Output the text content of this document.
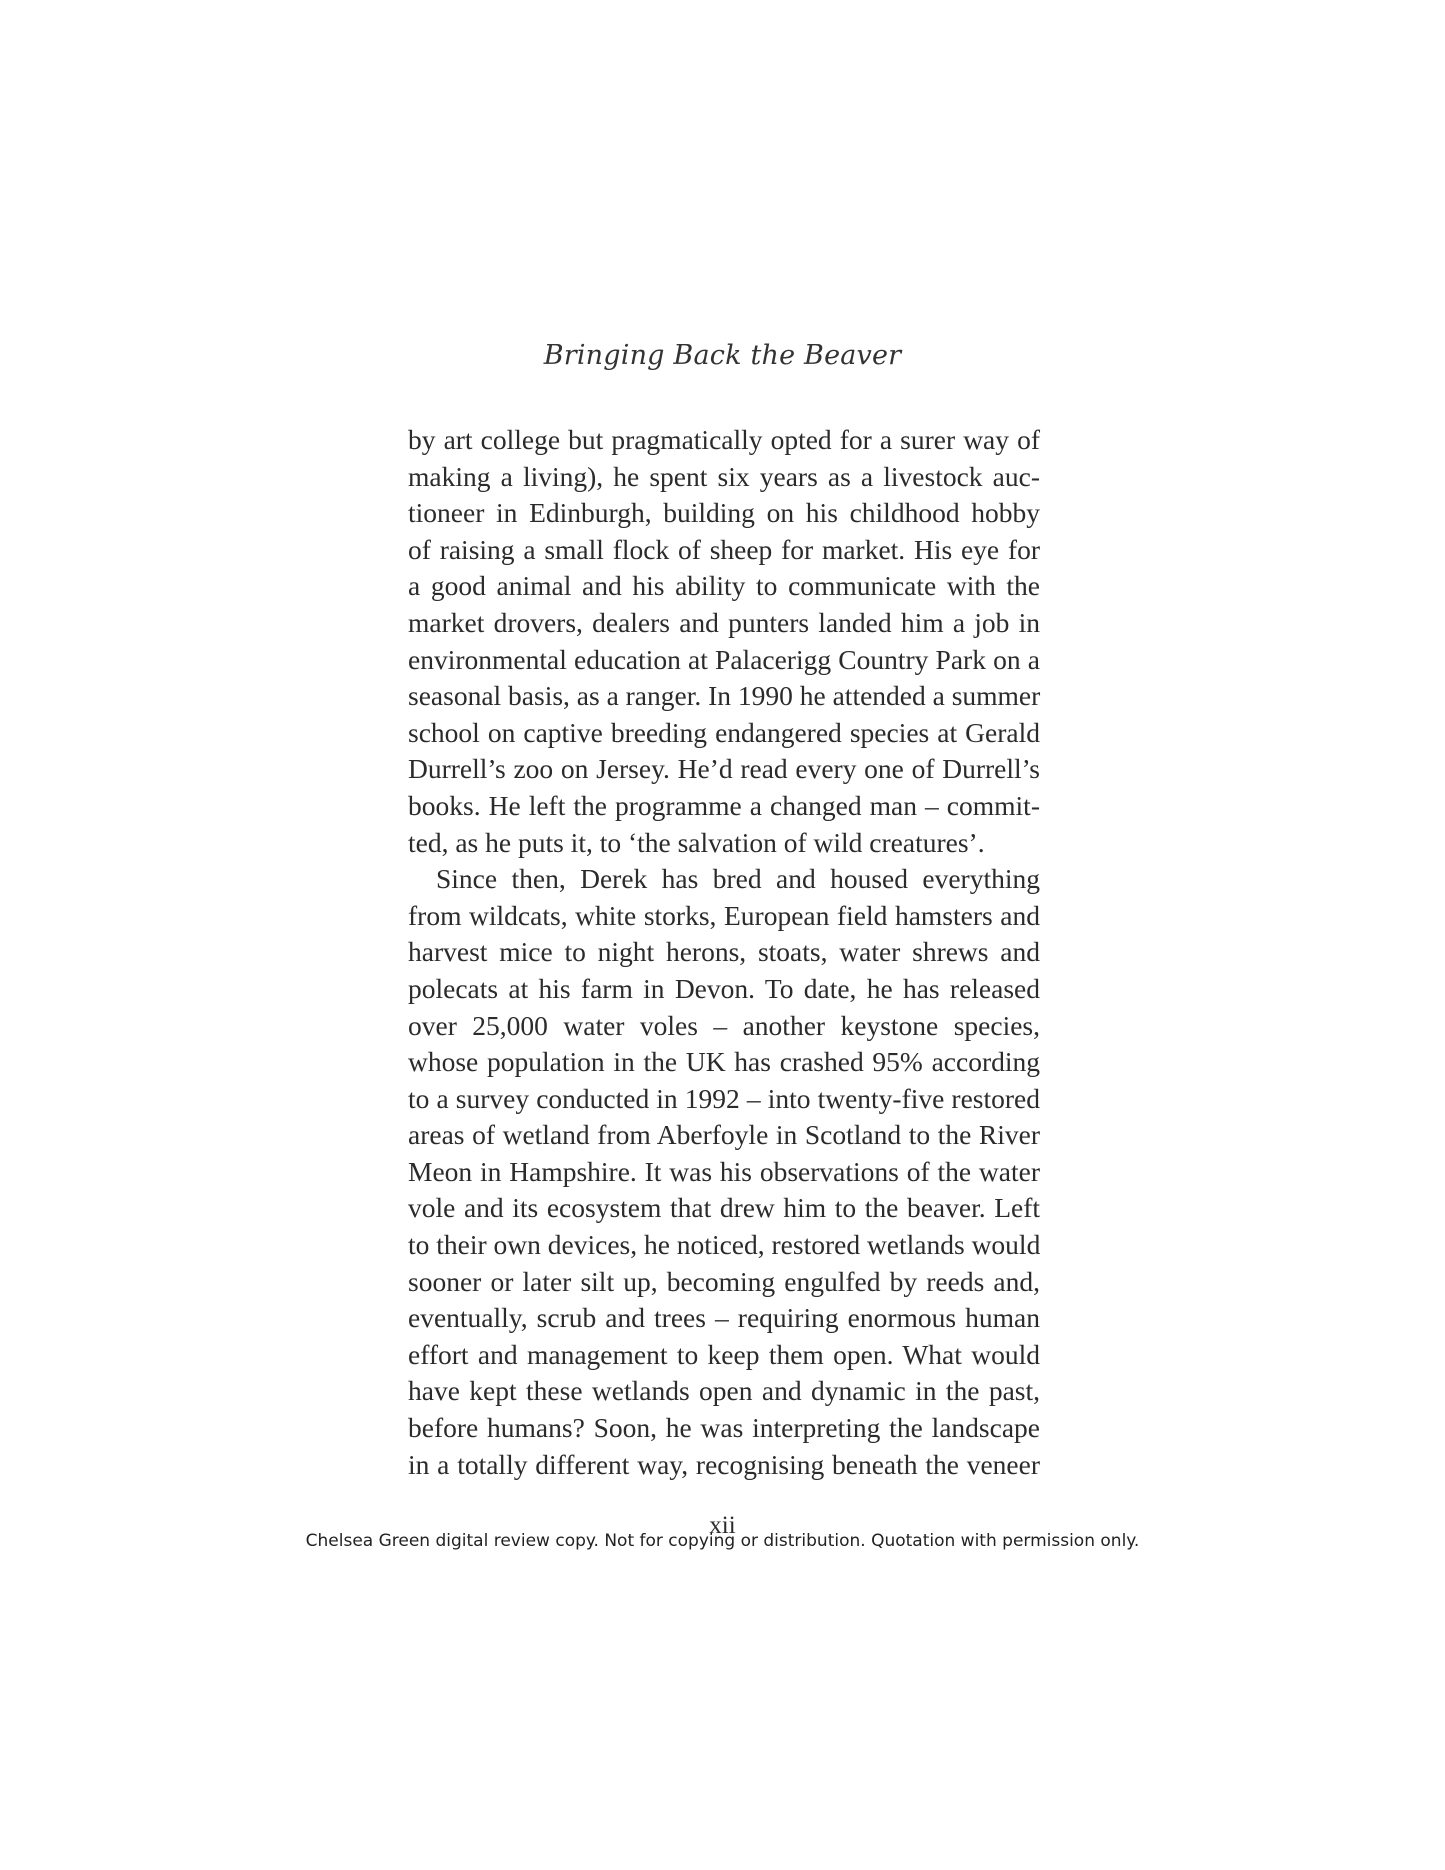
Bringing Back the Beaver
by art college but pragmatically opted for a surer way of
making a living), he spent six years as a livestock auc-
tioneer in Edinburgh, building on his childhood hobby
of raising a small flock of sheep for market. His eye for
a good animal and his ability to communicate with the
market drovers, dealers and punters landed him a job in
environmental education at Palacerigg Country Park on a
seasonal basis, as a ranger. In 1990 he attended a summer
school on captive breeding endangered species at Gerald
Durrell’s zoo on Jersey. He’d read every one of Durrell’s
books. He left the programme a changed man – commit-
ted, as he puts it, to ‘the salvation of wild creatures’.
Since then, Derek has bred and housed everything
from wildcats, white storks, European field hamsters and
harvest mice to night herons, stoats, water shrews and
polecats at his farm in Devon. To date, he has released
over 25,000 water voles – another keystone species,
whose population in the UK has crashed 95% according
to a survey conducted in 1992 – into twenty-five restored
areas of wetland from Aberfoyle in Scotland to the River
Meon in Hampshire. It was his observations of the water
vole and its ecosystem that drew him to the beaver. Left
to their own devices, he noticed, restored wetlands would
sooner or later silt up, becoming engulfed by reeds and,
eventually, scrub and trees – requiring enormous human
effort and management to keep them open. What would
have kept these wetlands open and dynamic in the past,
before humans? Soon, he was interpreting the landscape
in a totally different way, recognising beneath the veneer
xii
Chelsea Green digital review copy. Not for copying or distribution. Quotation with permission only.
